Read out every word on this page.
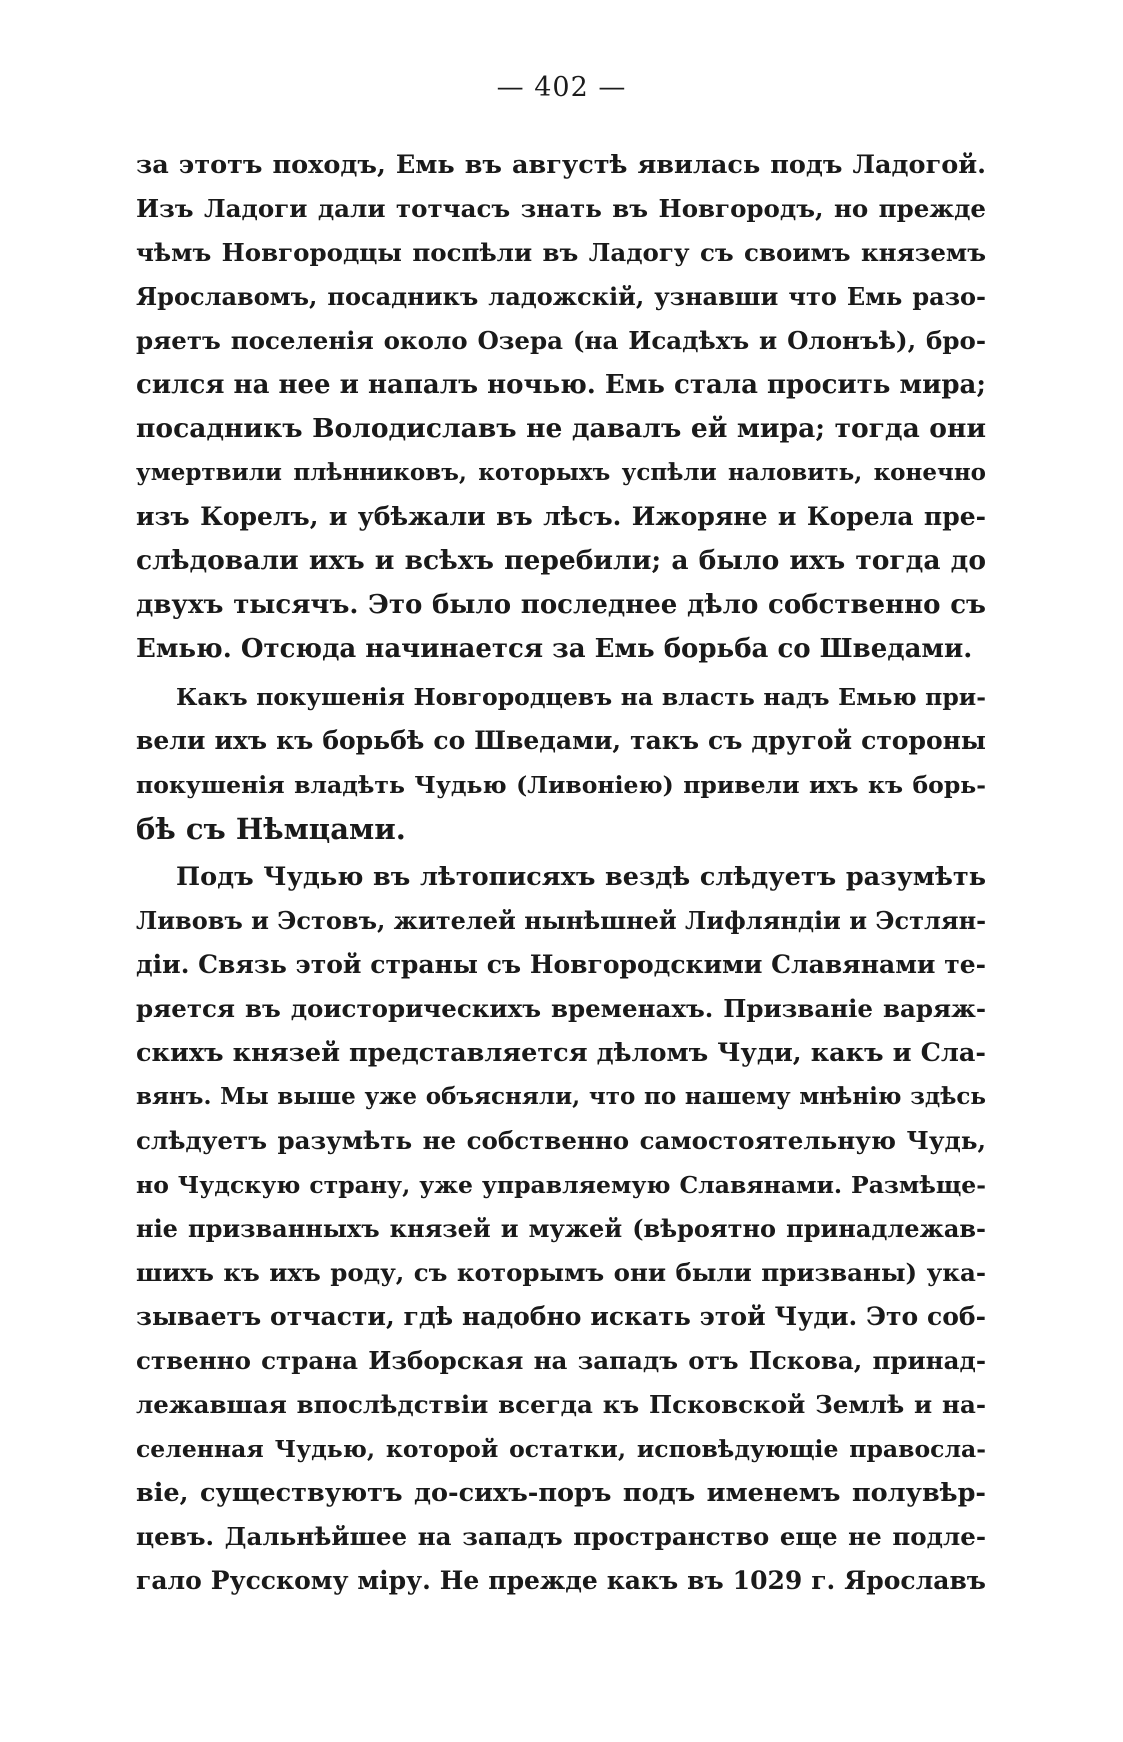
— 402 —
за этотъ походъ, Емь въ августѣ явилась подъ Ладогой.
Изъ Ладоги дали тотчасъ знать въ Новгородъ, но прежде
чѣмъ Новгородцы поспѣли въ Ладогу съ своимъ княземъ
Ярославомъ, посадникъ ладожскій, узнавши что Емь разо-
ряетъ поселенія около Озера (на Исадѣхъ и Олонъѣ), бро-
сился на нее и напалъ ночью. Емь стала просить мира;
посадникъ Володиславъ не давалъ ей мира; тогда они
умертвили плѣнниковъ, которыхъ успѣли наловить, конечно
изъ Корелъ, и убѣжали въ лѣсъ. Ижоряне и Корела пре-
слѣдовали ихъ и всѣхъ перебили; а было ихъ тогда до
двухъ тысячъ. Это было последнее дѣло собственно съ
Емью. Отсюда начинается за Емь борьба со Шведами.
Какъ покушенія Новгородцевъ на власть надъ Емью при-
вели ихъ къ борьбѣ со Шведами, такъ съ другой стороны
покушенія владѣть Чудью (Ливоніею) привели ихъ къ борь-
бѣ съ Нѣмцами.
Подъ Чудью въ лѣтописяхъ вездѣ слѣдуетъ разумѣть
Ливовъ и Эстовъ, жителей нынѣшней Лифляндіи и Эстлян-
діи. Связь этой страны съ Новгородскими Славянами те-
ряется въ доисторическихъ временахъ. Призваніе варяж-
скихъ князей представляется дѣломъ Чуди, какъ и Сла-
вянъ. Мы выше уже объясняли, что по нашему мнѣнію здѣсь
слѣдуетъ разумѣть не собственно самостоятельную Чудь,
но Чудскую страну, уже управляемую Славянами. Размѣще-
ніе призванныхъ князей и мужей (вѣроятно принадлежав-
шихъ къ ихъ роду, съ которымъ они были призваны) ука-
зываетъ отчасти, гдѣ надобно искать этой Чуди. Это соб-
ственно страна Изборская на западъ отъ Пскова, принад-
лежавшая впослѣдствіи всегда къ Псковской Землѣ и на-
селенная Чудью, которой остатки, исповѣдующіе правосла-
віе, существуютъ до-сихъ-поръ подъ именемъ полувѣр-
цевъ. Дальнѣйшее на западъ пространство еще не подле-
гало Русскому міру. Не прежде какъ въ 1029 г. Ярославъ
